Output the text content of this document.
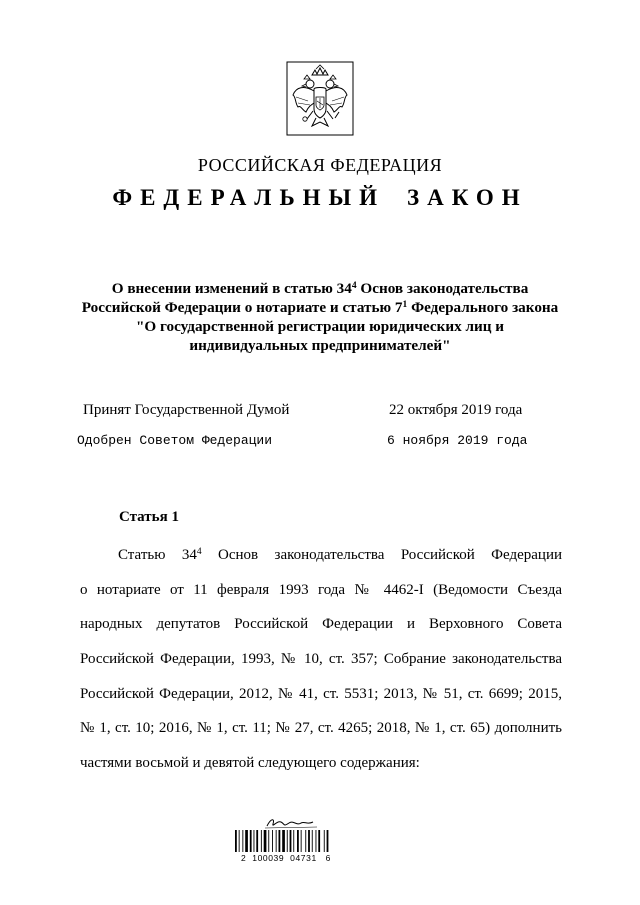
РОССИЙСКАЯ ФЕДЕРАЦИЯ
ФЕДЕРАЛЬНЫЙ ЗАКОН
О внесении изменений в статью $34^4$ Основ законодательства
Российской Федерации о нотариате и статью $7^1$ Федерального закона
"О государственной регистрации юридических лиц и
индивидуальных предпринимателей"
Принят Государственной Думой	22 октября 2019 года
Одобрен Советом Федерации	6 ноября 2019 года
Статья 1
Статью $34^4$ Основ законодательства Российской Федерации
о нотариате от 11 февраля 1993 года № 4462-I (Ведомости Съезда
народных депутатов Российской Федерации и Верховного Совета
Российской Федерации, 1993, № 10, ст. 357; Собрание законодательства
Российской Федерации, 2012, № 41, ст. 5531; 2013, № 51, ст. 6699; 2015,
№ 1, ст. 10; 2016, № 1, ст. 11; № 27, ст. 4265; 2018, № 1, ст. 65) дополнить
частями восьмой и девятой следующего содержания:
2  100039  04731   6
